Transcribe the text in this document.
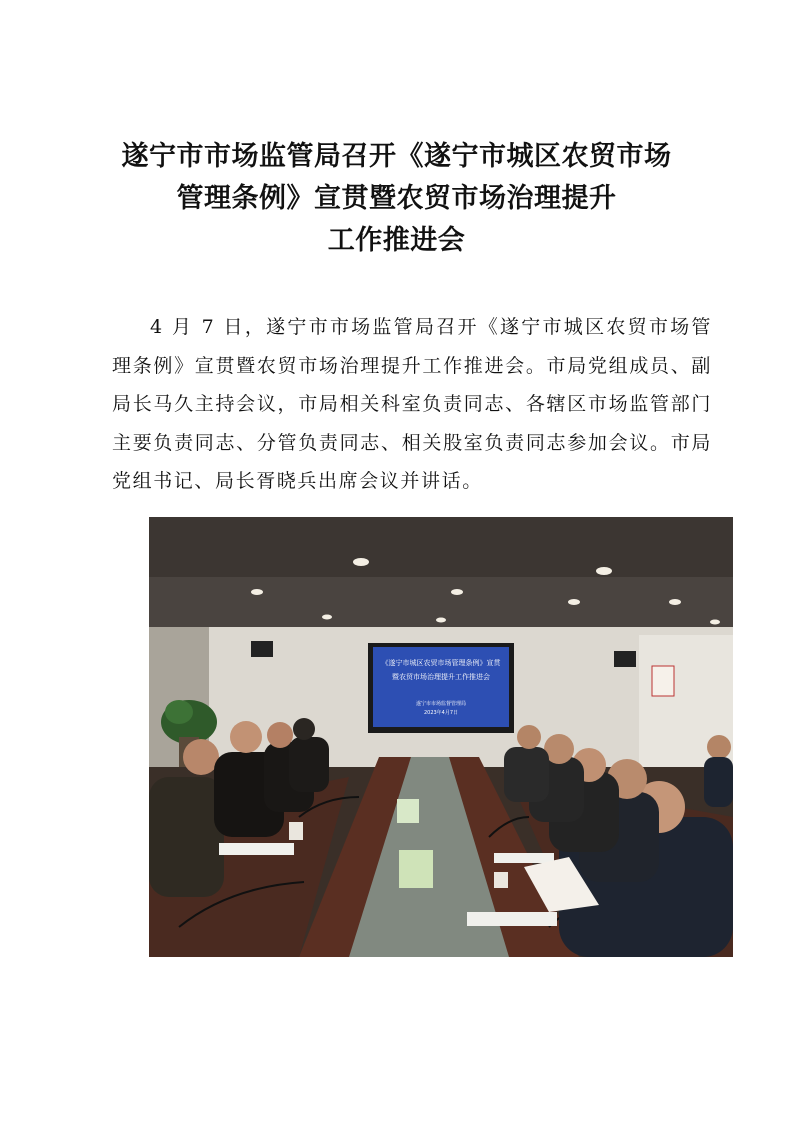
遂宁市市场监管局召开《遂宁市城区农贸市场
管理条例》宣贯暨农贸市场治理提升
工作推进会
4 月 7 日，遂宁市市场监管局召开《遂宁市城区农贸市场管理条例》宣贯暨农贸市场治理提升工作推进会。市局党组成员、副局长马久主持会议，市局相关科室负责同志、各辖区市场监管部门主要负责同志、分管负责同志、相关股室负责同志参加会议。市局党组书记、局长胥晓兵出席会议并讲话。
《遂宁市城区农贸市场管理条例》宣贯
暨农贸市场治理提升工作推进会
遂宁市市场监督管理局
2023年4月7日
